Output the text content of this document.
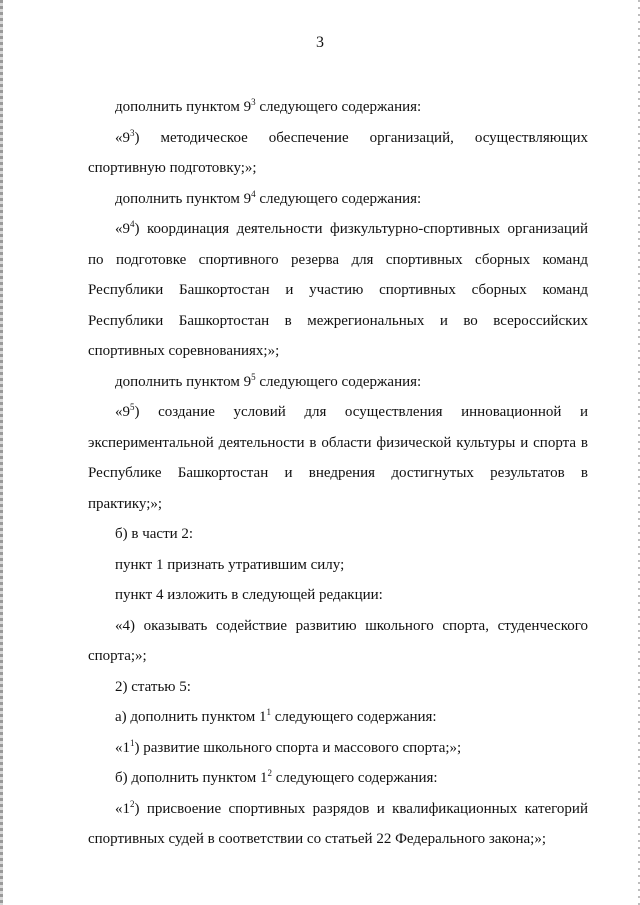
3

дополнить пунктом $9^3$ следующего содержания:

«$9^3$) методическое обеспечение организаций, осуществляющих

спортивную подготовку;»;

дополнить пунктом $9^4$ следующего содержания:

«$9^4$) координация деятельности физкультурно-спортивных организаций

по подготовке спортивного резерва для спортивных сборных команд

Республики Башкортостан и участию спортивных сборных команд

Республики Башкортостан в межрегиональных и во всероссийских

спортивных соревнованиях;»;

дополнить пунктом $9^5$ следующего содержания:

«$9^5$) создание условий для осуществления инновационной и

экспериментальной деятельности в области физической культуры и спорта в

Республике Башкортостан и внедрения достигнутых результатов в

практику;»;

б) в части 2:

пункт 1 признать утратившим силу;

пункт 4 изложить в следующей редакции:

«4) оказывать содействие развитию школьного спорта, студенческого

спорта;»;

2) статью 5:

а) дополнить пунктом $1^1$ следующего содержания:

«$1^1$) развитие школьного спорта и массового спорта;»;

б) дополнить пунктом $1^2$ следующего содержания:

«$1^2$) присвоение спортивных разрядов и квалификационных категорий

спортивных судей в соответствии со статьей 22 Федерального закона;»;
